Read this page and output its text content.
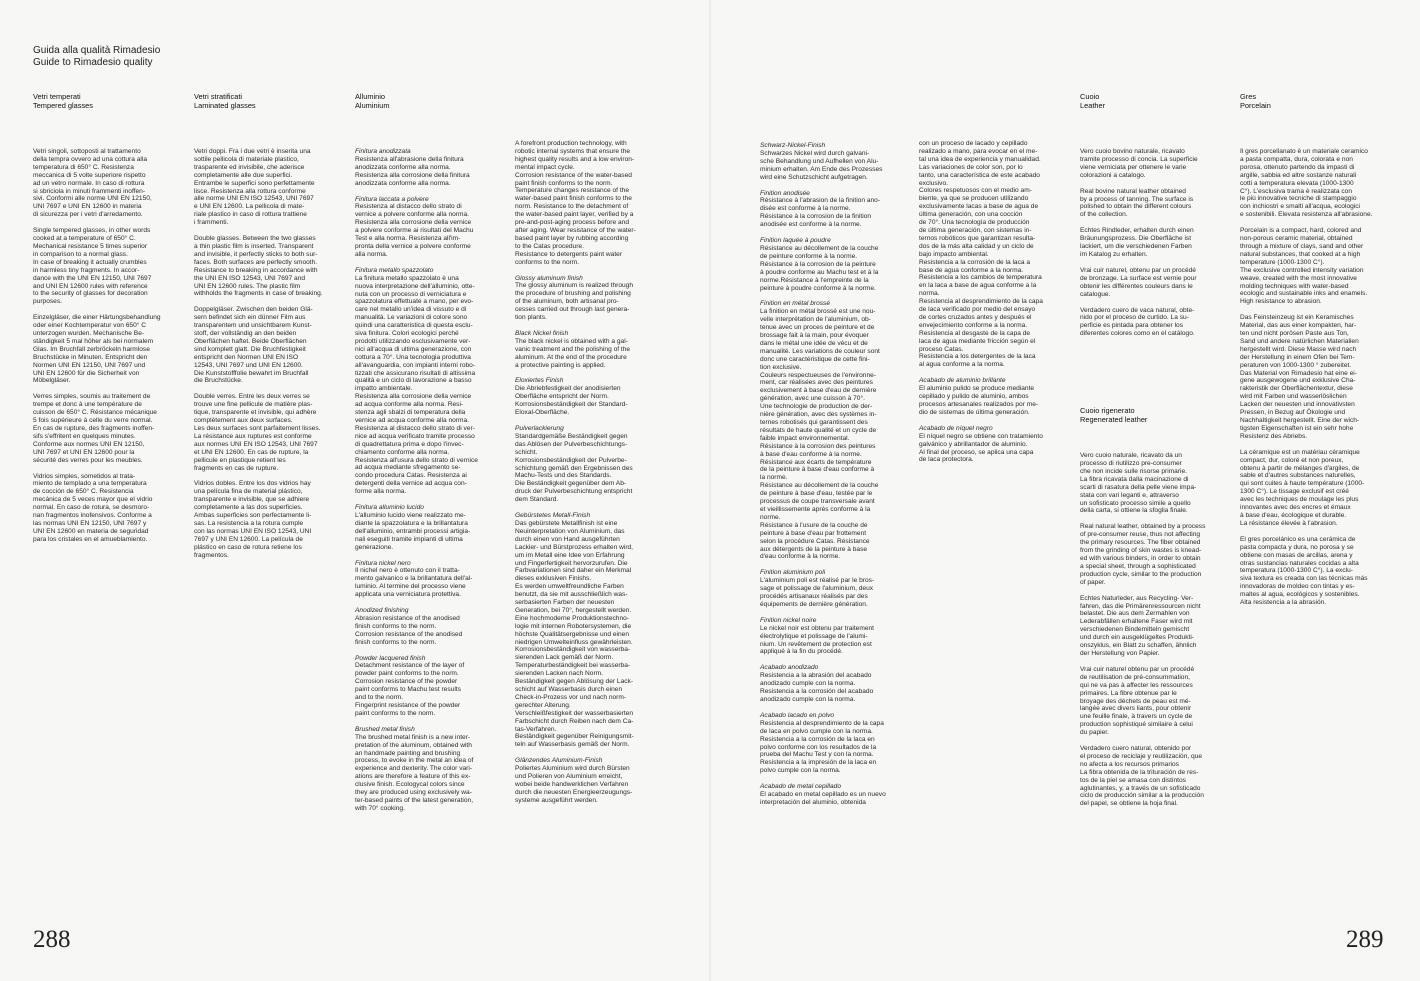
Guida alla qualità Rimadesio
Guide to Rimadesio quality
Vetri temperati
Tempered glasses

Vetri singoli, sottoposti al trattamento
della tempra ovvero ad una cottura alla
temperatura di 650° C. Resistenza
meccanica di 5 volte superiore rispetto
ad un vetro normale. In caso di rottura
si sbriciola in minuti frammenti inoffen-
sivi. Conformi alle norme UNI EN 12150,
UNI 7697 e UNI EN 12600 in materia
di sicurezza per i vetri d'arredamento.

Single tempered glasses, in other words
cooked at a temperature of 650° C.
Mechanical resistance 5 times superior
in comparison to a normal glass.
In case of breaking it actually crumbles
in harmless tiny fragments. In accor-
dance with the UNI EN 12150, UNI 7697
and UNI EN 12600 rules with reference
to the security of glasses for decoration
purposes.

Einzelgläser, die einer Härtungsbehandlung
oder einer Kochtemperatur von 650° C
unterzogen wurden. Mechanische Be-
ständigkeit 5 mal höher als bei normalem
Glas. Im Bruchfall zerbröckeln harmlose
Bruchstücke in Minuten. Entspricht den
Normen UNI EN 12150, UNI 7697 und
UNI EN 12600 für die Sicherheit von
Möbelgläser.

Verres simples, soumis au traitement de
trempe et donc à une température de
cuisson de 650° C. Résistance mécanique
5 fois supérieure à celle du verre normal.
En cas de rupture, des fragments inoffen-
sifs s'effritent en quelques minutes.
Conforme aux normes UNI EN 12150,
UNI 7697 et UNI EN 12600 pour la
sécurité des verres pour les meubles.

Vidrios simples, sometidos al trata-
miento de templado a una temperatura
de cocción de 650° C. Resistencia
mecánica de 5 veces mayor que el vidrio
normal. En caso de rotura, se desmoro-
nan fragmentos inofensivos. Conforme a
las normas UNI EN 12150, UNI 7697 y
UNI EN 12600 en materia de seguridad
para los cristales en el amueblamiento.

Vetri stratificati
Laminated glasses

Vetri doppi. Fra i due vetri è inserita una
sottile pellicola di materiale plastico,
trasparente ed invisibile, che aderisce
completamente alle due superfici.
Entrambe le superfici sono perfettamente
lisce. Resistenza alla rottura conforme
alle norme UNI EN ISO 12543, UNI 7697
e UNI EN 12600. La pellicola di mate-
riale plastico in caso di rottura trattiene
i frammenti.

Double glasses. Between the two glasses
a thin plastic film is inserted. Transparent
and invisible, it perfectly sticks to both sur-
faces. Both surfaces are perfectly smooth.
Resistance to breaking in accordance with
the UNI EN ISO 12543, UNI 7697 and
UNI EN 12600 rules. The plastic film
withholds the fragments in case of breaking.

Doppelgläser. Zwischen den beiden Glä-
sern befindet sich ein dünner Film aus
transparentem und unsichtbarem Kunst-
stoff, der vollständig an den beiden
Oberflächen haftet. Beide Oberflächen
sind komplett glatt. Die Bruchfestigkeit
entspricht den Normen UNI EN ISO
12543, UNI 7697 und UNI EN 12600.
Die Kunststofffolie bewahrt im Bruchfall
die Bruchstücke.

Double verres. Entre les deux verres se
trouve une fine pellicule de matière plas-
tique, transparente et invisible, qui adhère
complètement aux deux surfaces.
Les deux surfaces sont parfaitement lisses.
La résistance aux ruptures est conforme
aux normes UNI EN ISO 12543, UNI 7697
et UNI EN 12600. En cas de rupture, la
pellicule en plastique retient les
fragments en cas de rupture.

Vidrios dobles. Entre los dos vidrios hay
una película fina de material plástico,
transparente e invisible, que se adhiere
completamente a las dos superficies.
Ambas superficies son perfectamente li-
sas. La resistencia a la rotura cumple
con las normas UNI EN ISO 12543, UNI
7697 y UNI EN 12600. La película de
plástico en caso de rotura retiene los
fragmentos.

Alluminio
Aluminium
Finitura anodizzata
Resistenza all'abrasione della finitura
anodizzata conforme alla norma.
Resistenza alla corrosione della finitura
anodizzata conforme alla norma.
Finitura laccata a polvere
Resistenza al distacco dello strato di
vernice a polvere conforme alla norma.
Resistenza alla corrosione della vernice
a polvere conforme ai risultati del Machu
Test e alla norma. Resistenza all'im-
pronta della vernice a polvere conforme
alla norma.
Finitura metallo spazzolato
La finitura metallo spazzolato è una
nuova interpretazione dell'alluminio, otte-
nuta con un processo di verniciatura e
spazzolatura effettuate a mano, per evo-
care nel metallo un'idea di vissuto e di
manualità. Le variazioni di colore sono
quindi una caratteristica di questa esclu-
siva finitura. Colori ecologici perché
prodotti utilizzando esclusivamente ver-
nici all'acqua di ultima generazione, con
cottura a 70°. Una tecnologia produttiva
all'avanguardia, con impianti interni robo-
tizzati che assicurano risultati di altissima
qualità e un ciclo di lavorazione a basso
impatto ambientale.
Resistenza alla corrosione della vernice
ad acqua conforme alla norma. Resi-
stenza agli sbalzi di temperatura della
vernice ad acqua conforme alla norma.
Resistenza al distacco dello strato di ver-
nice ad acqua verificato tramite processo
di quadrettatura prima e dopo l'invec-
chiamento conforme alla norma.
Resistenza all'usura dello strato di vernice
ad acqua mediante sfregamento se-
condo procedura Catas. Resistenza ai
detergenti della vernice ad acqua con-
forme alla norma.
Finitura alluminio lucido
L'alluminio lucido viene realizzato me-
diante la spazzolatura e la brillantatura
dell'alluminio, entrambi processi artigia-
nali eseguiti tramite impianti di ultima
generazione.
Finitura nickel nero
Il nichel nero è ottenuto con il tratta-
mento galvanico e la brillantatura dell'al-
luminio. Al termine del processo viene
applicata una verniciatura protettiva.
Anodized finishing
Abrasion resistance of the anodised
finish conforms to the norm.
Corrosion resistance of the anodised
finish conforms to the norm.
Powder lacquered finish
Detachment resistance of the layer of
powder paint conforms to the norm.
Corrosion resistance of the powder
paint conforms to Machu test results
and to the norm.
Fingerprint resistance of the powder
paint conforms to the norm.
Brushed metal finish
The brushed metal finish is a new inter-
pretation of the aluminum, obtained with
an handmade painting and brushing
process, to evoke in the metal an idea of
experience and dexterity. The color vari-
ations are therefore a feature of this ex-
clusive finish. Ecologycal colors since
they are produced using exclusively wa-
ter-based paints of the latest generation,
with 70° cooking.
A forefront production technology, with
robotic internal systems that ensure the
highest quality results and a low environ-
mental impact cycle.
Corrosion resistance of the water-based
paint finish conforms to the norm.
Temperature changes resistance of the
water-based paint finish conforms to the
norm. Resistance to the detachment of
the water-based paint layer, verified by a
pre-and-post-aging process before and
after aging. Wear resistance of the water-
based paint layer by rubbing according
to the Catas procedure.
Resistance to detergents paint water
conforms to the norm.
Glossy aluminum finish
The glossy aluminum is realized through
the procedure of brushing and polishing
of the aluminum, both artisanal pro-
cesses carried out through last genera-
tion plants.
Black Nickel finish
The black nickel is obtained with a gal-
vanic treatment and the polishing of the
aluminum. At the end of the procedure
a protective painting is applied.
Eloxiertes Finish
Die Abriebfestigkeit der anodisierten
Oberfläche entspricht der Norm.
Korrosionsbeständigkeit der Standard-
Eloxal-Oberfläche.
Pulverlackierung
Standardgemäße Beständigkeit gegen
das Ablösen der Pulverbeschichtungs-
schicht.
Korrosionsbeständigkeit der Pulverbe-
schichtung gemäß den Ergebnissen des
Machu-Tests und des Standards.
Die Beständigkeit gegenüber dem Ab-
druck der Pulverbeschichtung entspricht
dem Standard.
Gebürstetes Metall-Finish
Das gebürstete Metallfinish ist eine
Neuinterpretation von Aluminium, das
durch einen von Hand ausgeführten
Lackier- und Bürstprozess erhalten wird,
um im Metall eine Idee von Erfahrung
und Fingerfertigkeit hervorzurufen. Die
Farbvariationen sind daher ein Merkmal
dieses exklusiven Finishs.
Es werden umweltfreundliche Farben
benutzt, da sie mit ausschließlich was-
serbasierten Farben der neuesten
Generation, bei 70°, hergestellt werden.
Eine hochmoderne Produktionstechno-
logie mit internen Robotersystemen, die
höchste Qualitätsergebnisse und einen
niedrigen Umwelteinfluss gewährleisten.
Korrosionsbeständigkeit von wasserba-
sierenden Lack gemäß der Norm.
Temperaturbeständigkeit bei wasserba-
sierenden Lacken nach Norm.
Beständigkeit gegen Ablösung der Lack-
schicht auf Wasserbasis durch einen
Check-in-Prozess vor und nach norm-
gerechter Alterung.
Verschleißfestigkeit der wasserbasierten
Farbschicht durch Reiben nach dem Ca-
tas-Verfahren.
Beständigkeit gegenüber Reinigungsmit-
teln auf Wasserbasis gemäß der Norm.
Glänzendes Aluminium-Finish
Poliertes Aluminium wird durch Bürsten
und Polieren von Aluminium erreicht,
wobei beide handwerklichen Verfahren
durch die neuesten Energieerzeugungs-
systeme ausgeführt werden.
Schwarz-Nickel-Finish
Schwarzes Nickel wird durch galvani-
sche Behandlung und Aufhellen von Alu-
minium erhalten. Am Ende des Prozesses
wird eine Schutzschicht aufgetragen.
Finition anodisée
Résistance à l'abrasion de la finition ano-
disée est conforme à la norme.
Résistance à la corrosion de la finition
anodisée est conforme à la norme.
Finition laquée à poudre
Résistance au décollement de la couche
de peinture conforme à la norme.
Résistance à la corrosion de la peinture
à poudre conforme au Machu test et à la
norme.Résistance à l'empreinte de la
peinture à poudre conforme à la norme.
Finition en métal brossé
La finition en métal brossé est une nou-
velle interprétation de l'aluminium, ob-
tenue avec un proces de peinture et de
brossage fait à la main, pour évoquer
dans le métal une idée de vécu et de
manualité. Les variations de couleur sont
donc une caractéristique de cette fini-
tion exclusive.
Couleurs respectueuses de l'environne-
ment, car réalisées avec des peintures
exclusivement à base d'eau de dernière
génération, avec une cuisson à 70°.
Une technologie de production de der-
nière génération, avec des systèmes in-
ternes robotisés qui garantissent des
résultats de haute qualité et un cycle de
faible impact environnemental.
Résistance à la corrosion des peintures
à base d'eau conforme à la norme.
Résistance aux écarts de température
de la peinture à base d'eau conforme à
la norme.
Résistance au décollement de la couche
de peinture à base d'eau, testée par le
processus de coupe transversale avant
et vieillissemente après conforme à la
norme.
Résistance à l'usure de la couche de
peinture à base d'eau par frottement
selon la procédure Catas. Résistance
aux détergents de la peinture à base
d'eau conforme à la norme.
Finition aluminium poli
L'aluminium poli est réalisé par le bros-
sage et polissage de l'aluminium, deux
procédés artisanaux réalisés par des
équipements de dernière génération.
Finition nickel noire
Le nickel noir est obtenu par traitement
électrolytique et polissage de l'alumi-
nium. Un revêtement de protection est
appliqué à la fin du procédé.
Acabado anodizado
Resistencia a la abrasión del acabado
anodizado cumple con la norma.
Resistencia a la corrosión del acabado
anodizado cumple con la norma.
Acabado lacado en polvo
Resistencia al desprendimiento de la capa
de laca en polvo cumple con la norma.
Resistencia a la corrosión de la laca en
polvo conforme con los resultados de la
prueba del Machu Test y con la norma.
Resistencia a la impresión de la laca en
polvo cumple con la norma.
Acabado de metal cepillado
El acabado en metal cepillado es un nuevo
interpretación del aluminio, obtenida
con un proceso de lacado y cepillado
realizado a mano, para evocar en el me-
tal una idea de experiencia y manualidad.
Las variaciones de color son, por lo
tanto, una característica de este acabado
exclusivo.
Colores respetuosos con el medio am-
biente, ya que se producen utilizando
exclusivamente lacas a base de agua de
última generación, con una cocción
de 70°. Una tecnología de producción
de última generación, con sistemas in-
ternos robóticos que garantizan resulta-
dos de la más alta calidad y un ciclo de
bajo impacto ambiental.
Resistencia a la corrosión de la laca a
base de agua conforme a la norma.
Resistencia a los cambios de temperatura
en la laca a base de agua conforme a la
norma.
Resistencia al desprendimiento de la capa
de laca verificado por medio del ensayo
de cortes cruzados antes y después el
envejecimiento conforme a la norma.
Resistencia al desgaste de la capa de
laca de agua mediante fricción según el
proceso Catas.
Resistencia a los detergentes de la laca
al agua conforme a la norma.
Acabado de aluminio brillante
El aluminio pulido se produce mediante
cepillado y pulido de aluminio, ambos
procesos artesanales realizados por me-
dio de sistemas de última generación.
Acabado de níquel negro
El níquel negro se obtiene con tratamiento
galvánico y abrillantador de aluminio.
Al final del proceso, se aplica una capa
de laca protectora.
Cuoio
Leather

Vero cuoio bovino naturale, ricavato
tramite processo di concia. La superficie
viene verniciata per ottenere le varie
colorazioni a catalogo.

Real bovine natural leather obtained
by a process of tanning. The surface is
polished to obtain the different colours
of the collection.

Echtes Rindleder, erhalten durch einen
Bräunungsprozess. Die Oberfläche ist
lackiert, um die verschiedenen Farben
im Katalog zu erhalten.

Vrai cuir naturel, obtenu par un procédé
de bronzage. La surface est vernie pour
obtenir les différentes couleurs dans le
catalogue.

Verdadero cuero de vaca natural, obte-
nido por el proceso de curtido. La su-
perficie es pintada para obtener los
diferentes colores como en el catálogo.

Cuoio rigenerato
Regenerated leather

Vero cuoio naturale, ricavato da un
processo di riutilizzo pre-consumer
che non incide sulle risorse primarie.
La fibra ricavata dalla macinazione di
scarti di rasatura della pelle viene impa-
stata con vari leganti e, attraverso
un sofisticato processo simile a quello
della carta, si ottiene la sfoglia finale.

Real natural leather, obtained by a process
of pre-consumer reuse, thus not affecting
the primary resources. The fiber obtained
from the grinding of skin wastes is knead-
ed with various binders, in order to obtain
a special sheet, through a sophisticated
production cycle, similar to the production
of paper.

Echtes Naturleder, aus Recycling- Ver-
fahren, das die Primärenressourcen nicht
belastet. Die aus dem Zermahlen von
Lederabfällen erhaltene Faser wird mit
verschiedenen Bindemitteln gemischt
und durch ein ausgeklügeltes Produkti-
onszyklus, ein Blatt zu schaffen, ähnlich
der Herstellung von Papier.

Vrai cuir naturel obtenu par un procédé
de reutilisation de pré-consummation,
qui ne va pas à affecter les ressources
primaires. La fibre obtenue par le
broyage des déchets de peau est mé-
langée avec divers liants, pour obtenir
une feuille finale, à travers un cycle de
production sophistiqué similaire à celui
du papier.

Verdadero cuero natural, obtenido por
el proceso de reciclaje y reutilización, que
no afecta a los recursos primarios
La fibra obtenida de la trituración de res-
tos de la piel se amasa con distintos
aglutinantes, y, a través de un sofisticado
ciclo de producción similar a la producción
del papel, se obtiene la hoja final.

Gres
Porcelain

Il gres porcellanato è un materiale ceramico
a pasta compatta, dura, colorata e non
porosa, ottenuto partendo da impasti di
argille, sabbia ed altre sostanze naturali
cotti a temperatura elevata (1000-1300
C°). L'esclusiva trama è realizzata con
le più innovative tecniche di stampaggio
con inchiostri e smalti all'acqua, ecologici
e sostenibili. Elevata resistenza all'abrasione.

Porcelain is a compact, hard, colored and
non-porous ceramic material, obtained
through a mixture of clays, sand and other
natural substances, that cooked at a high
temperature (1000-1300 C°).
The exclusive controlled intensity variation
weave, created with the most innovative
molding techniques with water-based
ecologic and sustainable inks and enamels.
High resistance to abrasion.

Das Feinsteinzeug ist ein Keramisches
Material, das aus einer kompakten, har-
ten und nicht porösen Paste aus Ton,
Sand und andere natürlichen Materialien
hergestellt wird. Diese Masse wird nach
der Herstellung in einem Ofen bei Tem-
peraturen von 1000-1300 ° zubereitet.
Das Material von Rimadesio hat eine ei-
gene ausgewogene und exklusive Cha-
rakteristik der Oberflächentextur, diese
wird mit Farben und wasserlöslichen
Lacken der neuesten und innovativsten
Pressen, in Bezug auf Ökologie und
Nachhaltigkeit hergestellt. Eine der wich-
tigsten Eigenschaften ist ein sehr hohe
Resistenz des Abriebs.

La céramique est un matériau céramique
compact, dur, coloré et non poreux,
obtenu à partir de mélanges d'argiles, de
sable et d'autres substances naturelles,
qui sont cuites à haute température (1000-
1300 C°). Le tissage exclusif est créé
avec les techniques de moulage les plus
innovantes avec des encres et émaux
à base d'eau, écologique et durable.
La résistance élevée à l'abrasion.

El gres porcelánico es una cerámica de
pasta compacta y dura, no porosa y se
obtiene con masas de arcillas, arena y
otras sustancias naturales cocidas a alta
temperatura (1000-1300 C°). La exclu-
siva textura es creada con las técnicas más
innovadoras de moldeo con tintas y es-
maltes al agua, ecológicos y sostenibles.
Alta resistencia a la abrasión.

288	289
